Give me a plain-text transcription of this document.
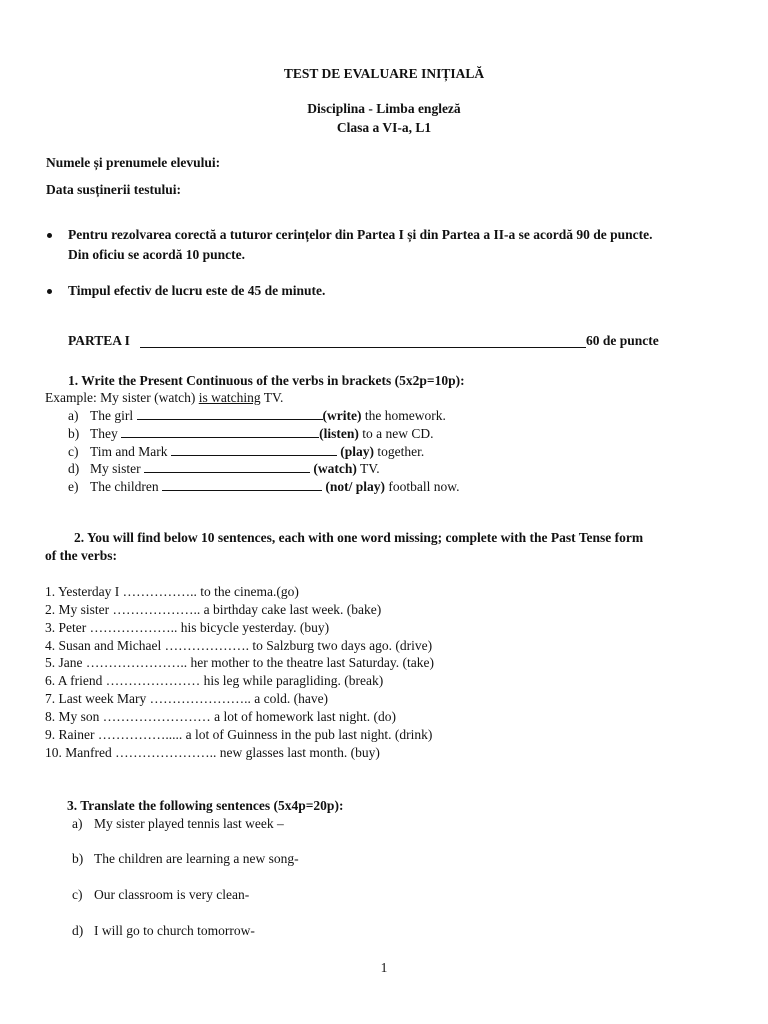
TEST DE EVALUARE INIȚIALĂ
Disciplina - Limba engleză
Clasa a VI-a, L1
Numele și prenumele elevului:
Data susținerii testului:
Pentru rezolvarea corectă a tuturor cerințelor din Partea I și din Partea a II-a se acordă 90 de puncte.
Din oficiu se acordă 10 puncte.
Timpul efectiv de lucru este de 45 de minute.
PARTEA I	60 de puncte
1. Write the Present Continuous of the verbs in brackets (5x2p=10p):
Example: My sister (watch) is watching TV.
a) The girl	(write) the homework.
b) They	(listen) to a new CD.
c) Tim and Mark	(play) together.
d) My sister	(watch) TV.
e) The children	(not/ play) football now.
2. You will find below 10 sentences, each with one word missing; complete with the Past Tense form
of the verbs:
1. Yesterday I …………….. to the cinema.(go)
2. My sister ……………….. a birthday cake last week. (bake)
3. Peter ……………….. his bicycle yesterday. (buy)
4. Susan and Michael ………………. to Salzburg two days ago. (drive)
5. Jane ………………….. her mother to the theatre last Saturday. (take)
6. A friend ………………… his leg while paragliding. (break)
7. Last week Mary ………………….. a cold. (have)
8. My son …………………… a lot of homework last night. (do)
9. Rainer ……………..... a lot of Guinness in the pub last night. (drink)
10. Manfred ………………….. new glasses last month. (buy)
3. Translate the following sentences (5x4p=20p):
a) My sister played tennis last week –
b) The children are learning a new song-
c) Our classroom is very clean-
d) I will go to church tomorrow-
1
